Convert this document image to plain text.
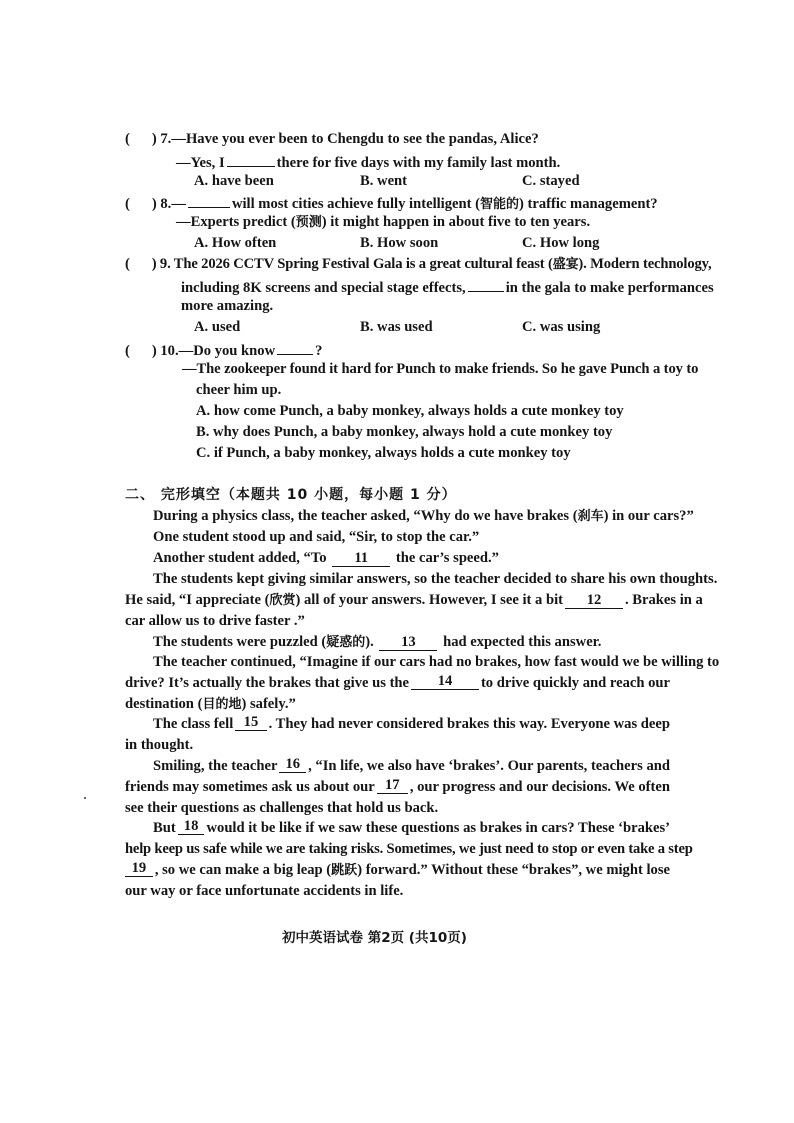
( ) 7.—Have you ever been to Chengdu to see the pandas, Alice?
—Yes, I	there for five days with my family last month.
A. have been	B. went	C. stayed
( ) 8.—	will most cities achieve fully intelligent (智能的) traffic management?
—Experts predict (预测) it might happen in about five to ten years.
A. How often	B. How soon	C. How long
( ) 9. The 2026 CCTV Spring Festival Gala is a great cultural feast (盛宴). Modern technology,
including 8K screens and special stage effects,	in the gala to make performances
more amazing.
A. used	B. was used	C. was using
( ) 10.—Do you know	?
—The zookeeper found it hard for Punch to make friends. So he gave Punch a toy to
cheer him up.
A. how come Punch, a baby monkey, always holds a cute monkey toy
B. why does Punch, a baby monkey, always hold a cute monkey toy
C. if Punch, a baby monkey, always holds a cute monkey toy
二、 完形填空（本题共 10 小题，每小题 1 分）
During a physics class, the teacher asked, “Why do we have brakes (刹车) in our cars?”
One student stood up and said, “Sir, to stop the car.”
Another student added, “To 11 the car’s speed.”
The students kept giving similar answers, so the teacher decided to share his own thoughts.
He said, “I appreciate (欣赏) all of your answers. However, I see it a bit	12 . Brakes in a
car allow us to drive faster .”
The students were puzzled (疑惑的). 13 had expected this answer.
The teacher continued, “Imagine if our cars had no brakes, how fast would we be willing to
drive? It’s actually the brakes that give us the	14	to drive quickly and reach our
destination (目的地) safely.”
The class fell 15 . They had never considered brakes this way. Everyone was deep
in thought.
Smiling, the teacher 16 , “In life, we also have ‘brakes’. Our parents, teachers and
friends may sometimes ask us about our 17 , our progress and our decisions. We often
see their questions as challenges that hold us back.
But 18 would it be like if we saw these questions as brakes in cars? These ‘brakes’
help keep us safe while we are taking risks. Sometimes, we just need to stop or even take a step
19 , so we can make a big leap (跳跃) forward.” Without these “brakes”, we might lose
our way or face unfortunate accidents in life.
初中英语试卷 第2页 (共10页)
